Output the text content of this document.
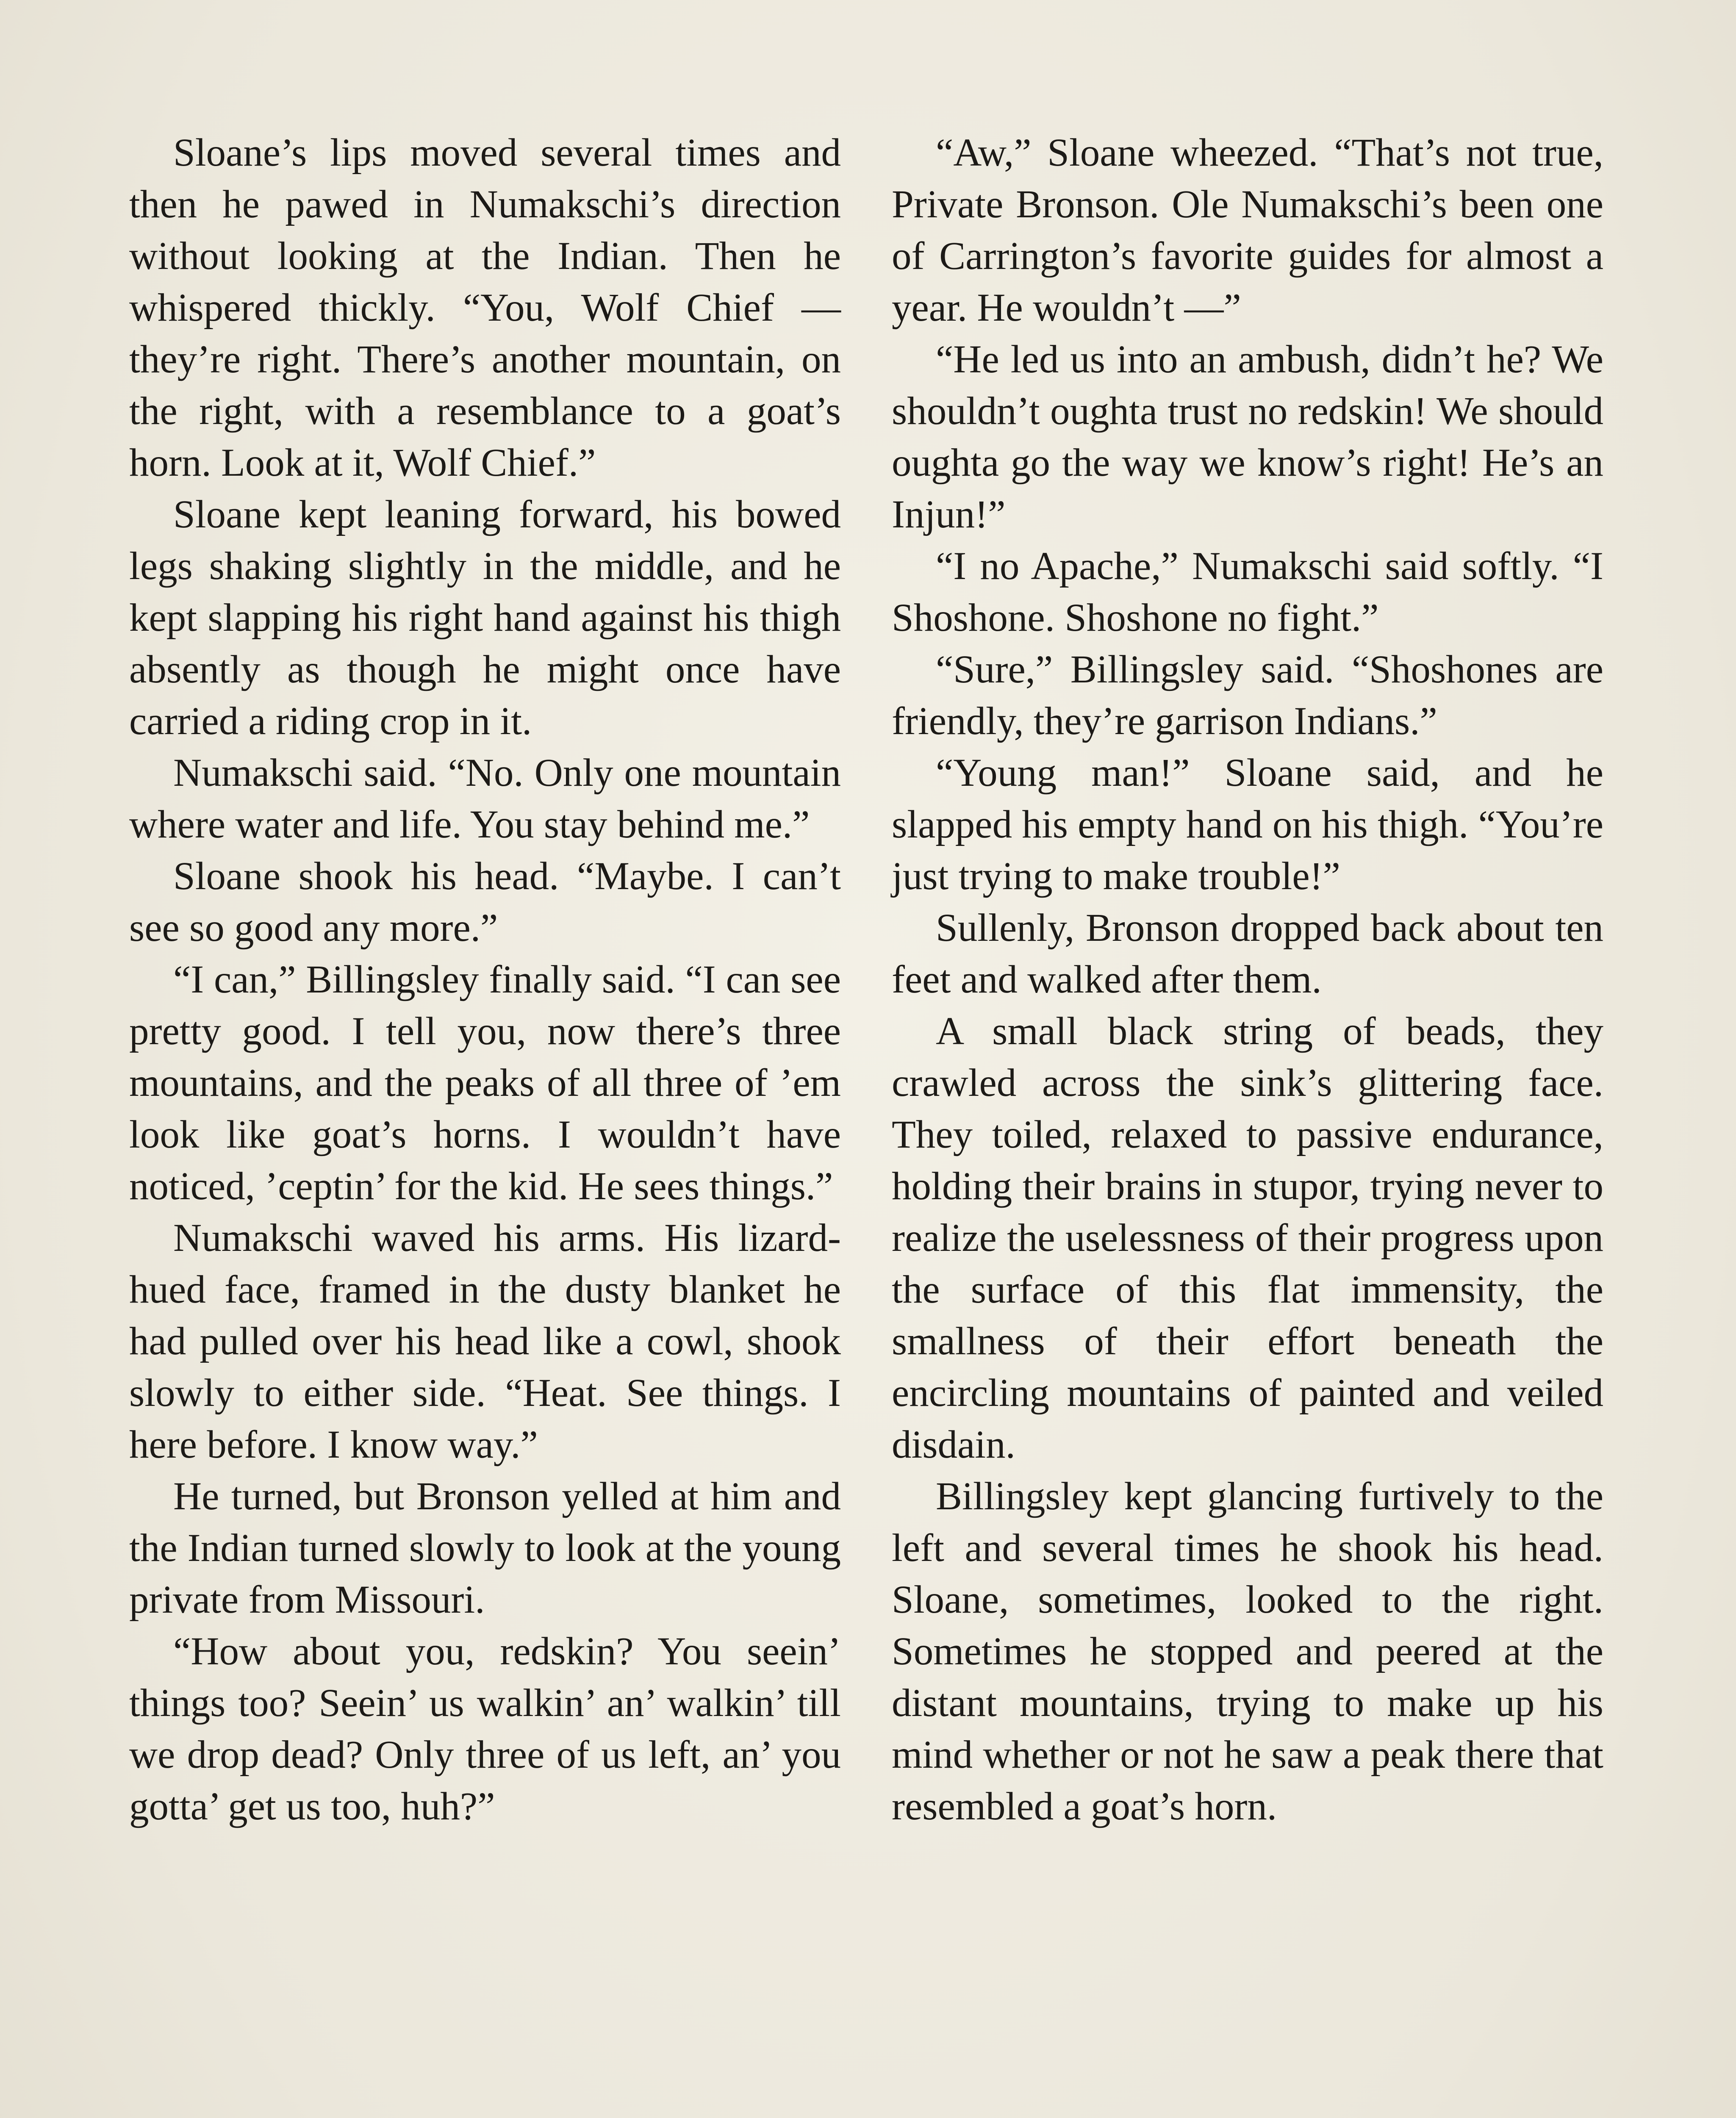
Sloane’s lips moved several times and then he pawed in Numakschi’s direction without looking at the Indian. Then he whispered thickly. “You, Wolf Chief — they’re right. There’s another mountain, on the right, with a resemblance to a goat’s horn. Look at it, Wolf Chief.”

Sloane kept leaning forward, his bowed legs shaking slightly in the middle, and he kept slapping his right hand against his thigh absently as though he might once have carried a riding crop in it.

Numakschi said. “No. Only one mountain where water and life. You stay behind me.”

Sloane shook his head. “Maybe. I can’t see so good any more.”

“I can,” Billingsley finally said. “I can see pretty good. I tell you, now there’s three mountains, and the peaks of all three of ’em look like goat’s horns. I wouldn’t have noticed, ’ceptin’ for the kid. He sees things.”

Numakschi waved his arms. His lizard-hued face, framed in the dusty blanket he had pulled over his head like a cowl, shook slowly to either side. “Heat. See things. I here before. I know way.”

He turned, but Bronson yelled at him and the Indian turned slowly to look at the young private from Missouri.

“How about you, redskin? You seein’ things too? Seein’ us walkin’ an’ walkin’ till we drop dead? Only three of us left, an’ you gotta’ get us too, huh?”

“Aw,” Sloane wheezed. “That’s not true, Private Bronson. Ole Numakschi’s been one of Carrington’s favorite guides for almost a year. He wouldn’t —”

“He led us into an ambush, didn’t he? We shouldn’t oughta trust no redskin! We should oughta go the way we know’s right! He’s an Injun!”

“I no Apache,” Numakschi said softly. “I Shoshone. Shoshone no fight.”

“Sure,” Billingsley said. “Shoshones are friendly, they’re garrison Indians.”

“Young man!” Sloane said, and he slapped his empty hand on his thigh. “You’re just trying to make trouble!”

Sullenly, Bronson dropped back about ten feet and walked after them.

A small black string of beads, they crawled across the sink’s glittering face. They toiled, relaxed to passive endurance, holding their brains in stupor, trying never to realize the uselessness of their progress upon the surface of this flat immensity, the smallness of their effort beneath the encircling mountains of painted and veiled disdain.

Billingsley kept glancing furtively to the left and several times he shook his head. Sloane, sometimes, looked to the right. Sometimes he stopped and peered at the distant mountains, trying to make up his mind whether or not he saw a peak there that resembled a goat’s horn.
